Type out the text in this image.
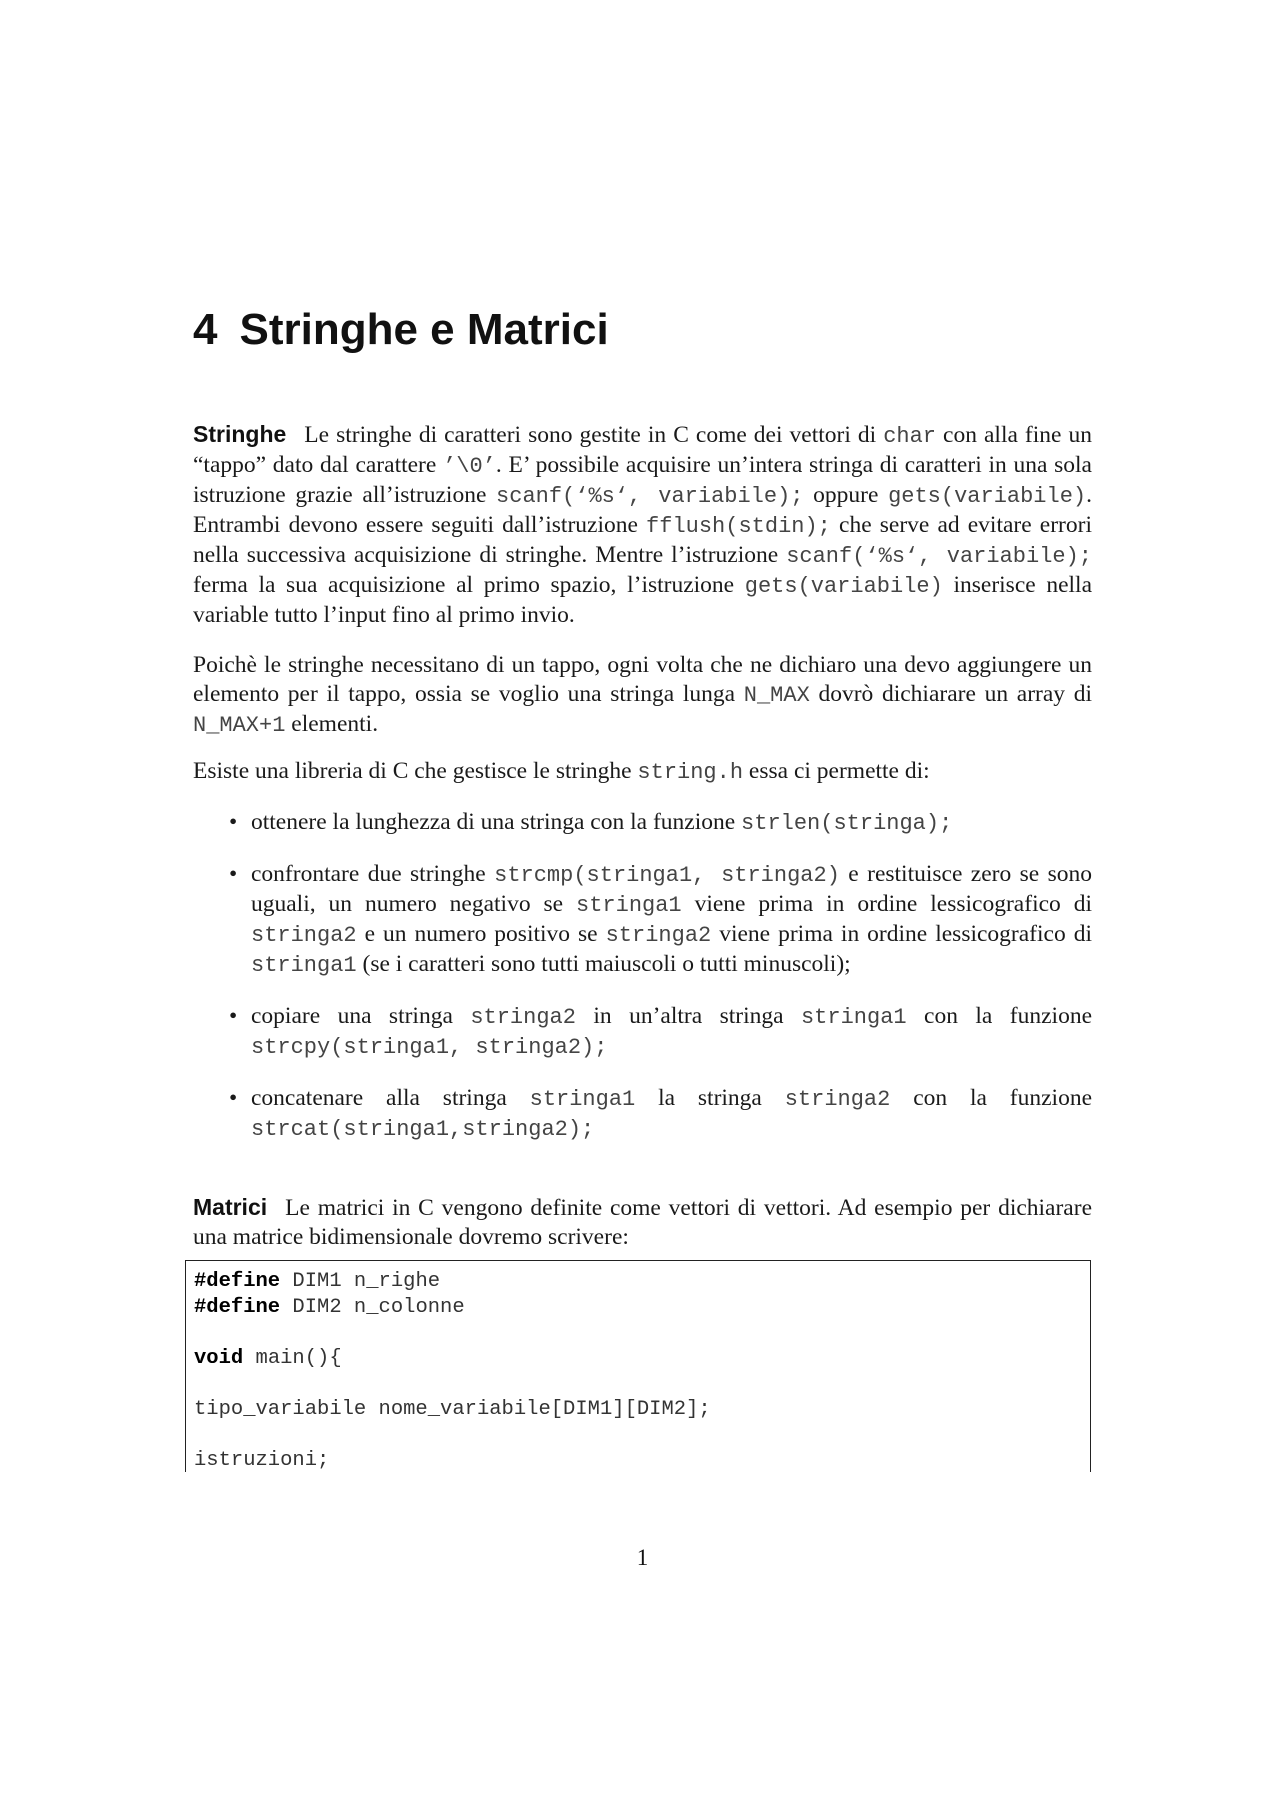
4 Stringhe e Matrici

Stringhe Le stringhe di caratteri sono gestite in C come dei vettori di char con alla fine un “tappo” dato dal carattere ’\0’. E’ possibile acquisire un’intera stringa di caratteri in una sola istruzione grazie all’istruzione scanf(‘%s‘, variabile); oppure gets(variabile). Entrambi devono essere seguiti dall’istruzione fflush(stdin); che serve ad evitare errori nella successiva acquisizione di stringhe. Mentre l’istruzione scanf(‘%s‘, variabile); ferma la sua acquisizione al primo spazio, l’istruzione gets(variabile) inserisce nella variable tutto l’input fino al primo invio.

Poichè le stringhe necessitano di un tappo, ogni volta che ne dichiaro una devo aggiungere un elemento per il tappo, ossia se voglio una stringa lunga N_MAX dovrò dichiarare un array di N_MAX+1 elementi.

Esiste una libreria di C che gestisce le stringhe string.h essa ci permette di:

• ottenere la lunghezza di una stringa con la funzione strlen(stringa);
• confrontare due stringhe strcmp(stringa1, stringa2) e restituisce zero se sono uguali, un numero negativo se stringa1 viene prima in ordine lessicografico di stringa2 e un numero positivo se stringa2 viene prima in ordine lessicografico di stringa1 (se i caratteri sono tutti maiuscoli o tutti minuscoli);
• copiare una stringa stringa2 in un’altra stringa stringa1 con la funzione strcpy(stringa1, stringa2);
• concatenare alla stringa stringa1 la stringa stringa2 con la funzione strcat(stringa1,stringa2);

Matrici Le matrici in C vengono definite come vettori di vettori. Ad esempio per dichiarare una matrice bidimensionale dovremo scrivere:

#define DIM1 n_righe
#define DIM2 n_colonne
void main(){
tipo_variabile nome_variabile[DIM1][DIM2];
istruzioni;
1
